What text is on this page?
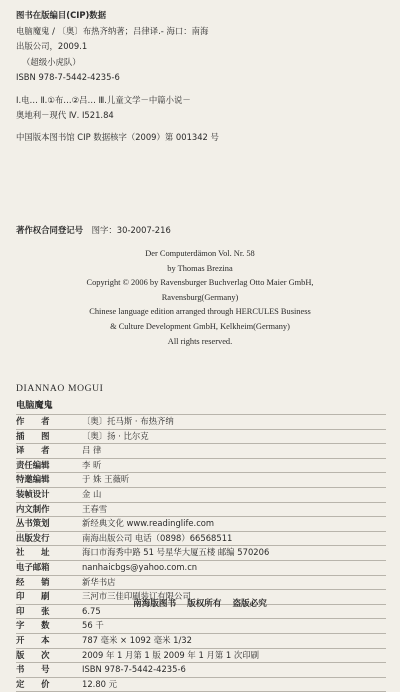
图书在版编目(CIP)数据
电脑魔鬼 / 〔奥〕布热齐纳著；吕律译.- 海口：南海
出版公司，2009.1
（超级小虎队）
ISBN 978-7-5442-4235-6
Ⅰ.电… Ⅱ.①布…②吕… Ⅲ.儿童文学－中篇小说－
奥地利－现代 Ⅳ. I521.84
中国版本图书馆 CIP 数据核字（2009）第 001342 号
著作权合同登记号 图字：30-2007-216
Der Computerdämon Vol. Nr. 58
by Thomas Brezina
Copyright © 2006 by Ravensburger Buchverlag Otto Maier GmbH,
Ravensburg(Germany)
Chinese language edition arranged through HERCULES Business
& Culture Development GmbH, Kelkheim(Germany)
All rights reserved.
DIANNAO MOGUI
电脑魔鬼
作　　者	〔奥〕托马斯 · 布热齐纳
插　　图	〔奥〕扬 · 比尔克
译　　者	吕 律
责任编辑	李 昕
特邀编辑	于 姝 王薇昕
装帧设计	金 山
内文制作	王春雪
丛书策划	新经典文化 www.readinglife.com
出版发行	南海出版公司 电话（0898）66568511
社　　址	海口市海秀中路 51 号星华大厦五楼 邮编 570206
电子邮箱	nanhaicbgs@yahoo.com.cn
经　　销	新华书店
印　　刷	三河市三佳印刷装订有限公司
印　　张	6.75
字　　数	56 千
开　　本	787 毫米 × 1092 毫米 1/32
版　　次	2009 年 1 月第 1 版 2009 年 1 月第 1 次印刷
书　　号	ISBN 978-7-5442-4235-6
定　　价	12.80 元
南海版图书 版权所有 盗版必究
